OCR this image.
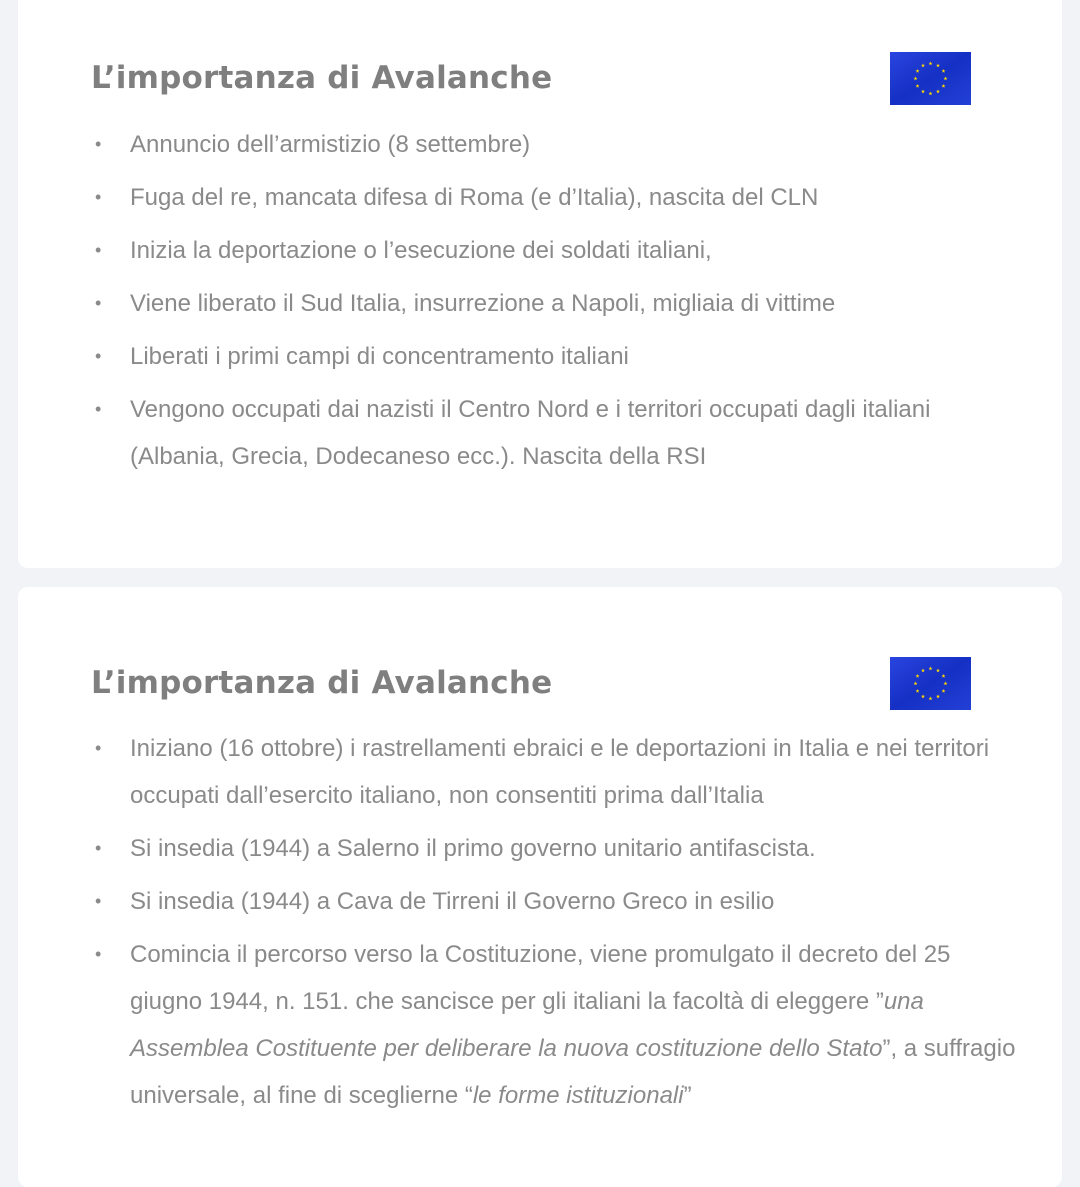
L’importanza di Avalanche
• Annuncio dell’armistizio (8 settembre)
• Fuga del re, mancata difesa di Roma (e d’Italia), nascita del CLN
• Inizia la deportazione o l’esecuzione dei soldati italiani,
• Viene liberato il Sud Italia, insurrezione a Napoli, migliaia di vittime
• Liberati i primi campi di concentramento italiani
• Vengono occupati dai nazisti il Centro Nord e i territori occupati dagli italiani (Albania, Grecia, Dodecaneso ecc.). Nascita della RSI
L’importanza di Avalanche
• Iniziano (16 ottobre) i rastrellamenti ebraici e le deportazioni in Italia e nei territori occupati dall’esercito italiano, non consentiti prima dall’Italia
• Si insedia (1944) a Salerno il primo governo unitario antifascista.
• Si insedia (1944) a Cava de Tirreni il Governo Greco in esilio
• Comincia il percorso verso la Costituzione, viene promulgato il decreto del 25 giugno 1944, n. 151. che sancisce per gli italiani la facoltà di eleggere ”una Assemblea Costituente per deliberare la nuova costituzione dello Stato”, a suffragio universale, al fine di sceglierne “le forme istituzionali”
